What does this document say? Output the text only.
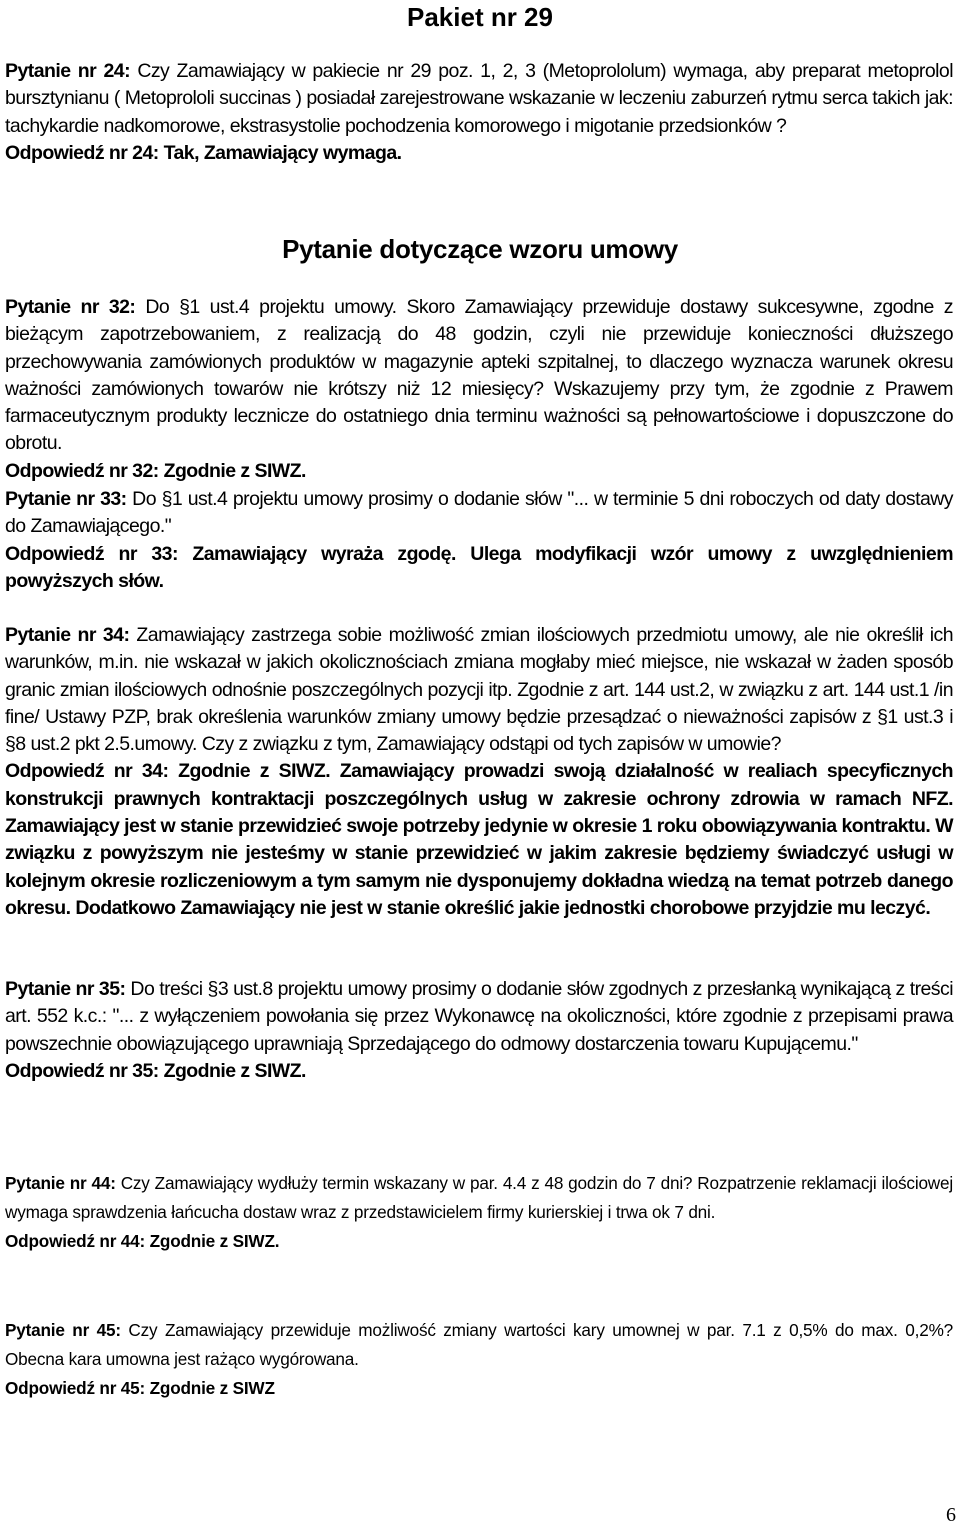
Pakiet nr 29

Pytanie nr 24: Czy Zamawiający w pakiecie nr 29 poz. 1, 2, 3 (Metoprololum) wymaga, aby preparat metoprolol bursztynianu ( Metoprololi succinas ) posiadał zarejestrowane wskazanie w leczeniu zaburzeń rytmu serca takich jak: tachykardie nadkomorowe, ekstrasystolie pochodzenia komorowego i migotanie przedsionków ?

Odpowiedź nr 24: Tak, Zamawiający wymaga.

Pytanie dotyczące wzoru umowy

Pytanie nr 32: Do §1 ust.4 projektu umowy. Skoro Zamawiający przewiduje dostawy sukcesywne, zgodne z bieżącym zapotrzebowaniem, z realizacją do 48 godzin, czyli nie przewiduje konieczności dłuższego przechowywania zamówionych produktów w magazynie apteki szpitalnej, to dlaczego wyznacza warunek okresu ważności zamówionych towarów nie krótszy niż 12 miesięcy? Wskazujemy przy tym, że zgodnie z Prawem farmaceutycznym produkty lecznicze do ostatniego dnia terminu ważności są pełnowartościowe i dopuszczone do obrotu.

Odpowiedź nr 32: Zgodnie z SIWZ.

Pytanie nr 33: Do §1 ust.4 projektu umowy prosimy o dodanie słów "... w terminie 5 dni roboczych od daty dostawy do Zamawiającego."

Odpowiedź nr 33: Zamawiający wyraża zgodę. Ulega modyfikacji wzór umowy z uwzględnieniem powyższych słów.

Pytanie nr 34: Zamawiający zastrzega sobie możliwość zmian ilościowych przedmiotu umowy, ale nie określił ich warunków, m.in. nie wskazał w jakich okolicznościach zmiana mogłaby mieć miejsce, nie wskazał w żaden sposób granic zmian ilościowych odnośnie poszczególnych pozycji itp. Zgodnie z art. 144 ust.2, w związku z art. 144 ust.1 /in fine/ Ustawy PZP, brak określenia warunków zmiany umowy będzie przesądzać o nieważności zapisów z §1 ust.3 i §8 ust.2 pkt 2.5.umowy. Czy z związku z tym, Zamawiający odstąpi od tych zapisów w umowie?

Odpowiedź nr 34: Zgodnie z SIWZ. Zamawiający prowadzi swoją działalność w realiach specyficznych konstrukcji prawnych kontraktacji poszczególnych usług w zakresie ochrony zdrowia w ramach NFZ. Zamawiający jest w stanie przewidzieć swoje potrzeby jedynie w okresie 1 roku obowiązywania kontraktu. W związku z powyższym nie jesteśmy w stanie przewidzieć w jakim zakresie będziemy świadczyć usługi w kolejnym okresie rozliczeniowym a tym samym nie dysponujemy dokładna wiedzą na temat potrzeb danego okresu. Dodatkowo Zamawiający nie jest w stanie określić jakie jednostki chorobowe przyjdzie mu leczyć.

Pytanie nr 35: Do treści §3 ust.8 projektu umowy prosimy o dodanie słów zgodnych z przesłanką wynikającą z treści art. 552 k.c.: "... z wyłączeniem powołania się przez Wykonawcę na okoliczności, które zgodnie z przepisami prawa powszechnie obowiązującego uprawniają Sprzedającego do odmowy dostarczenia towaru Kupującemu."

Odpowiedź nr 35: Zgodnie z SIWZ.

Pytanie nr 44: Czy Zamawiający wydłuży termin wskazany w par. 4.4 z 48 godzin do 7 dni? Rozpatrzenie reklamacji ilościowej wymaga sprawdzenia łańcucha dostaw wraz z przedstawicielem firmy kurierskiej i trwa ok 7 dni.

Odpowiedź nr 44: Zgodnie z SIWZ.

Pytanie nr 45: Czy Zamawiający przewiduje możliwość zmiany wartości kary umownej w par. 7.1 z 0,5% do max. 0,2%? Obecna kara umowna jest rażąco wygórowana.

Odpowiedź nr 45: Zgodnie z SIWZ

6
